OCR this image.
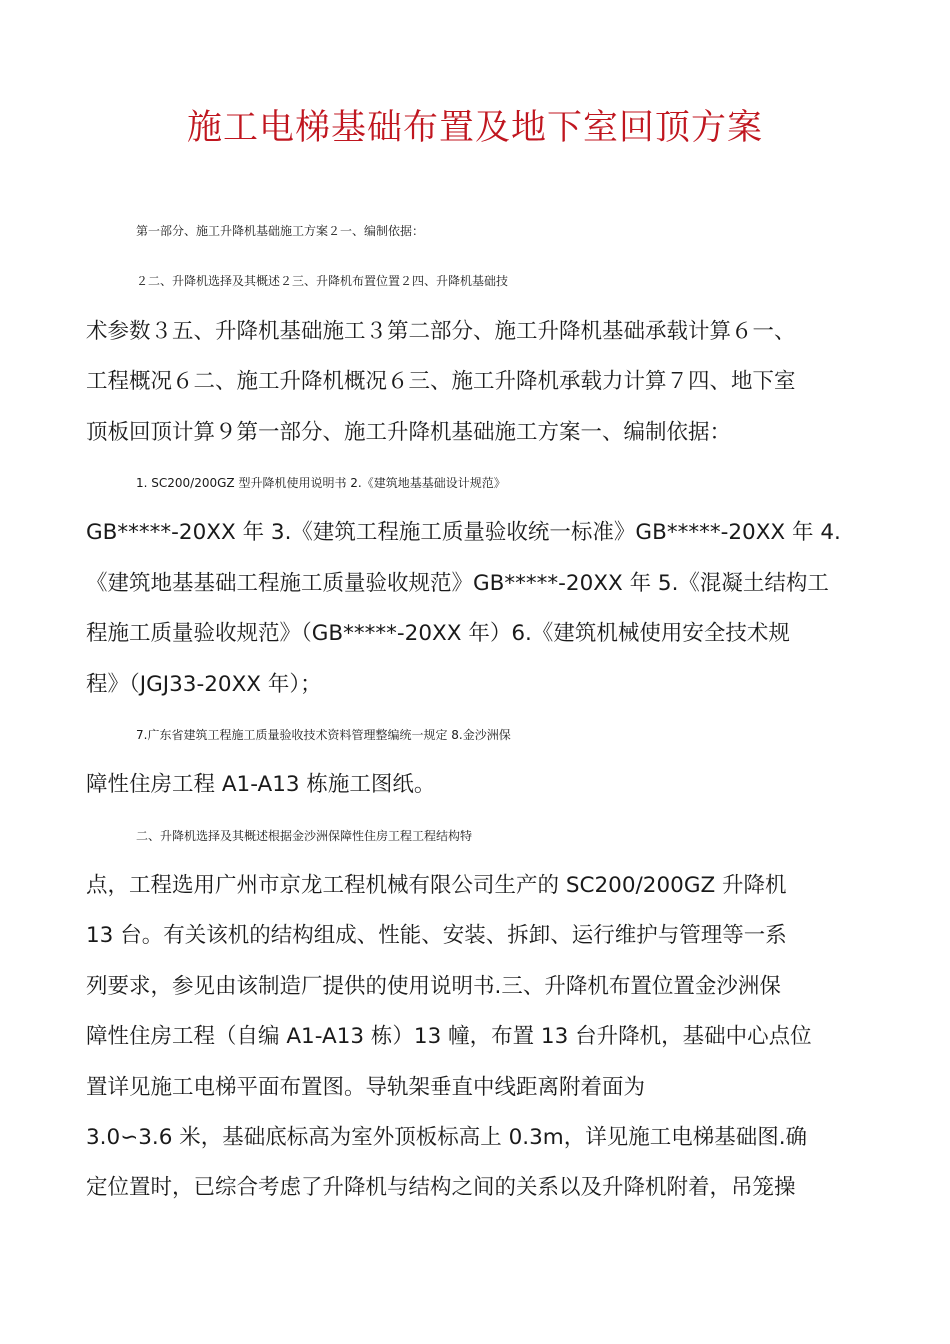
施工电梯基础布置及地下室回顶方案
第一部分、施工升降机基础施工方案２一、编制依据：
２二、升降机选择及其概述２三、升降机布置位置２四、升降机基础技
术参数３五、升降机基础施工３第二部分、施工升降机基础承载计算６一、
工程概况６二、施工升降机概况６三、施工升降机承载力计算７四、地下室
顶板回顶计算９第一部分、施工升降机基础施工方案一、编制依据：
1. SC200/200GZ 型升降机使用说明书 2.《建筑地基基础设计规范》
GB*****-20XX 年 3.《建筑工程施工质量验收统一标准》GB*****-20XX 年 4.
《建筑地基基础工程施工质量验收规范》GB*****-20XX 年 5.《混凝土结构工
程施工质量验收规范》（GB*****-20XX 年）6.《建筑机械使用安全技术规
程》（JGJ33-20XX 年）；
7.广东省建筑工程施工质量验收技术资料管理整编统一规定 8.金沙洲保
障性住房工程 A1-A13 栋施工图纸。
二、升降机选择及其概述根据金沙洲保障性住房工程工程结构特
点，工程选用广州市京龙工程机械有限公司生产的 SC200/200GZ 升降机
13 台。有关该机的结构组成、性能、安装、拆卸、运行维护与管理等一系
列要求，参见由该制造厂提供的使用说明书.三、升降机布置位置金沙洲保
障性住房工程（自编 A1-A13 栋）13 幢，布置 13 台升降机，基础中心点位
置详见施工电梯平面布置图。导轨架垂直中线距离附着面为
3.0∽3.6 米，基础底标高为室外顶板标高上 0.3m，详见施工电梯基础图.确
定位置时，已综合考虑了升降机与结构之间的关系以及升降机附着，吊笼操
